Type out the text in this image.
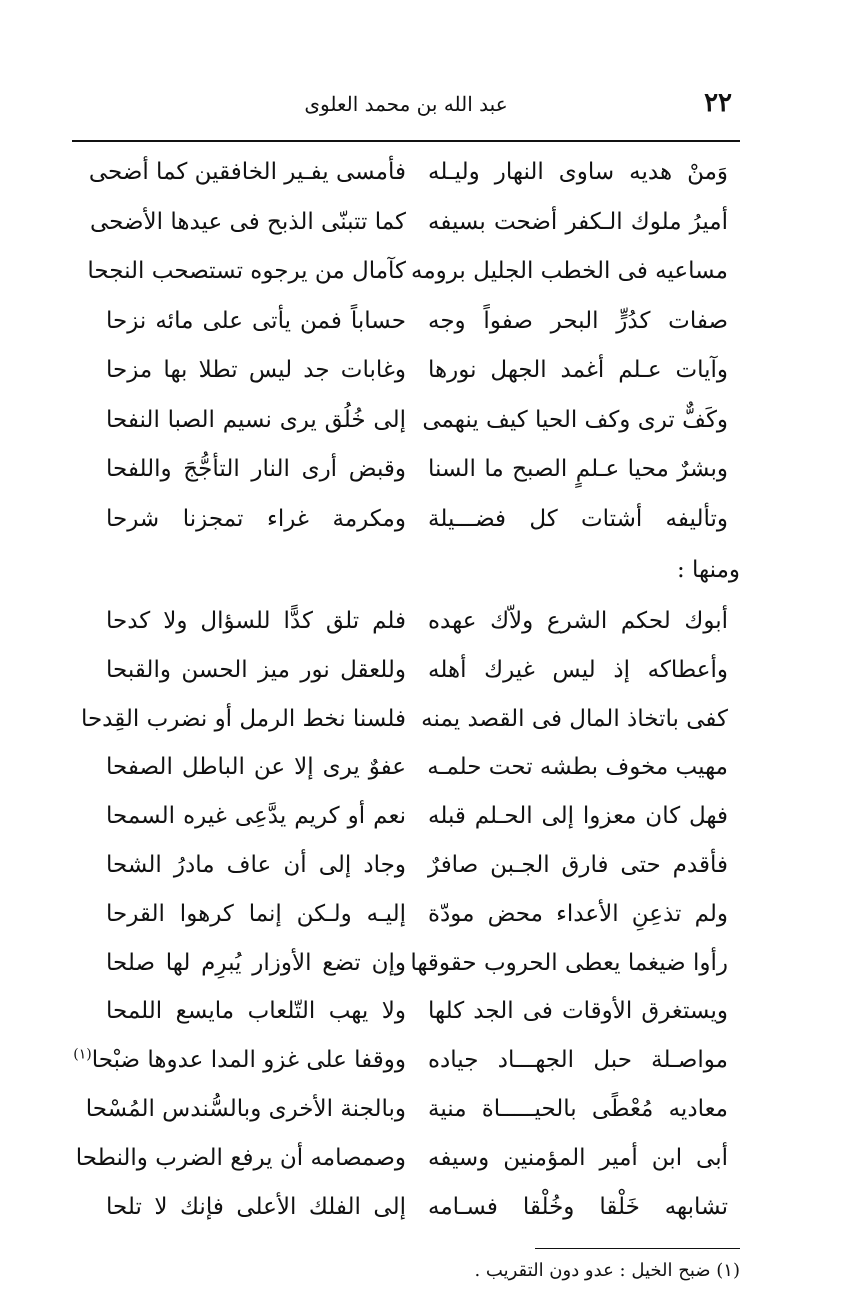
٢٢
عبد الله بن محمد العلوى
وَمنْ هديه ساوى النهار وليـله
فأمسى يفـير الخافقين كما أضحى
أميرُ ملوك الـكفر أضحت بسيفه
كما تتبنّى الذبح فى عيدها الأضحى
مساعيه فى الخطب الجليل برومه
كآمال من يرجوه تستصحب النجحا
صفات كدُرٍّ البحر صفواً وجه
حساباً فمن يأتى على مائه نزحا
وآيات عـلم أغمد الجهل نورها
وغابات جد ليس تطلا بها مزحا
وكَفٌّ ترى وكف الحيا كيف ينهمى
إلى خُلُق يرى نسيم الصبا النفحا
وبشرٌ محيا عـلمٍ الصبح ما السنا
وقبض أرى النار التأجُّجَ واللفحا
وتأليفه أشتات كل فضـــيلة
ومكرمة غراء تمجزنا شرحا
ومنها :
أبوك لحكم الشرع ولاّك عهده
فلم تلق كدًّا للسؤال ولا كدحا
وأعطاكه إذ ليس غيرك أهله
وللعقل نور ميز الحسن والقبحا
كفى باتخاذ المال فى القصد يمنه
فلسنا نخط الرمل أو نضرب القِدحا
مهيب مخوف بطشه تحت حلمـه
عفوٌ يرى إلا عن الباطل الصفحا
فهل كان معزوا إلى الحـلم قبله
نعم أو كريم يدَّعِى غيره السمحا
فأقدم حتى فارق الجـبن صافرٌ
وجاد إلى أن عاف مادرُ الشحا
ولم تذعِنِ الأعداء محض مودّة
إليـه ولـكن إنما كرهوا القرحا
رأوا ضيغما يعطى الحروب حقوقها
وإن تضع الأوزار يُبرِم لها صلحا
ويستغرق الأوقات فى الجد كلها
ولا يهب التّلعاب مايسع اللمحا
مواصـلة حبل الجهـــاد جياده
ووقفا على غزو المدا عدوها ضبْحا$^{(١)}$
معاديه مُعْطًى بالحيـــــاة منية
وبالجنة الأخرى وبالسُّندس المُسْحا
أبى ابن أمير المؤمنين وسيفه
وصمصامه أن يرفع الضرب والنطحا
تشابهه خَلْقا وخُلْقا فسـامه
إلى الفلك الأعلى فإنك لا تلحا
(١) ضبح الخيل : عدو دون التقريب .
